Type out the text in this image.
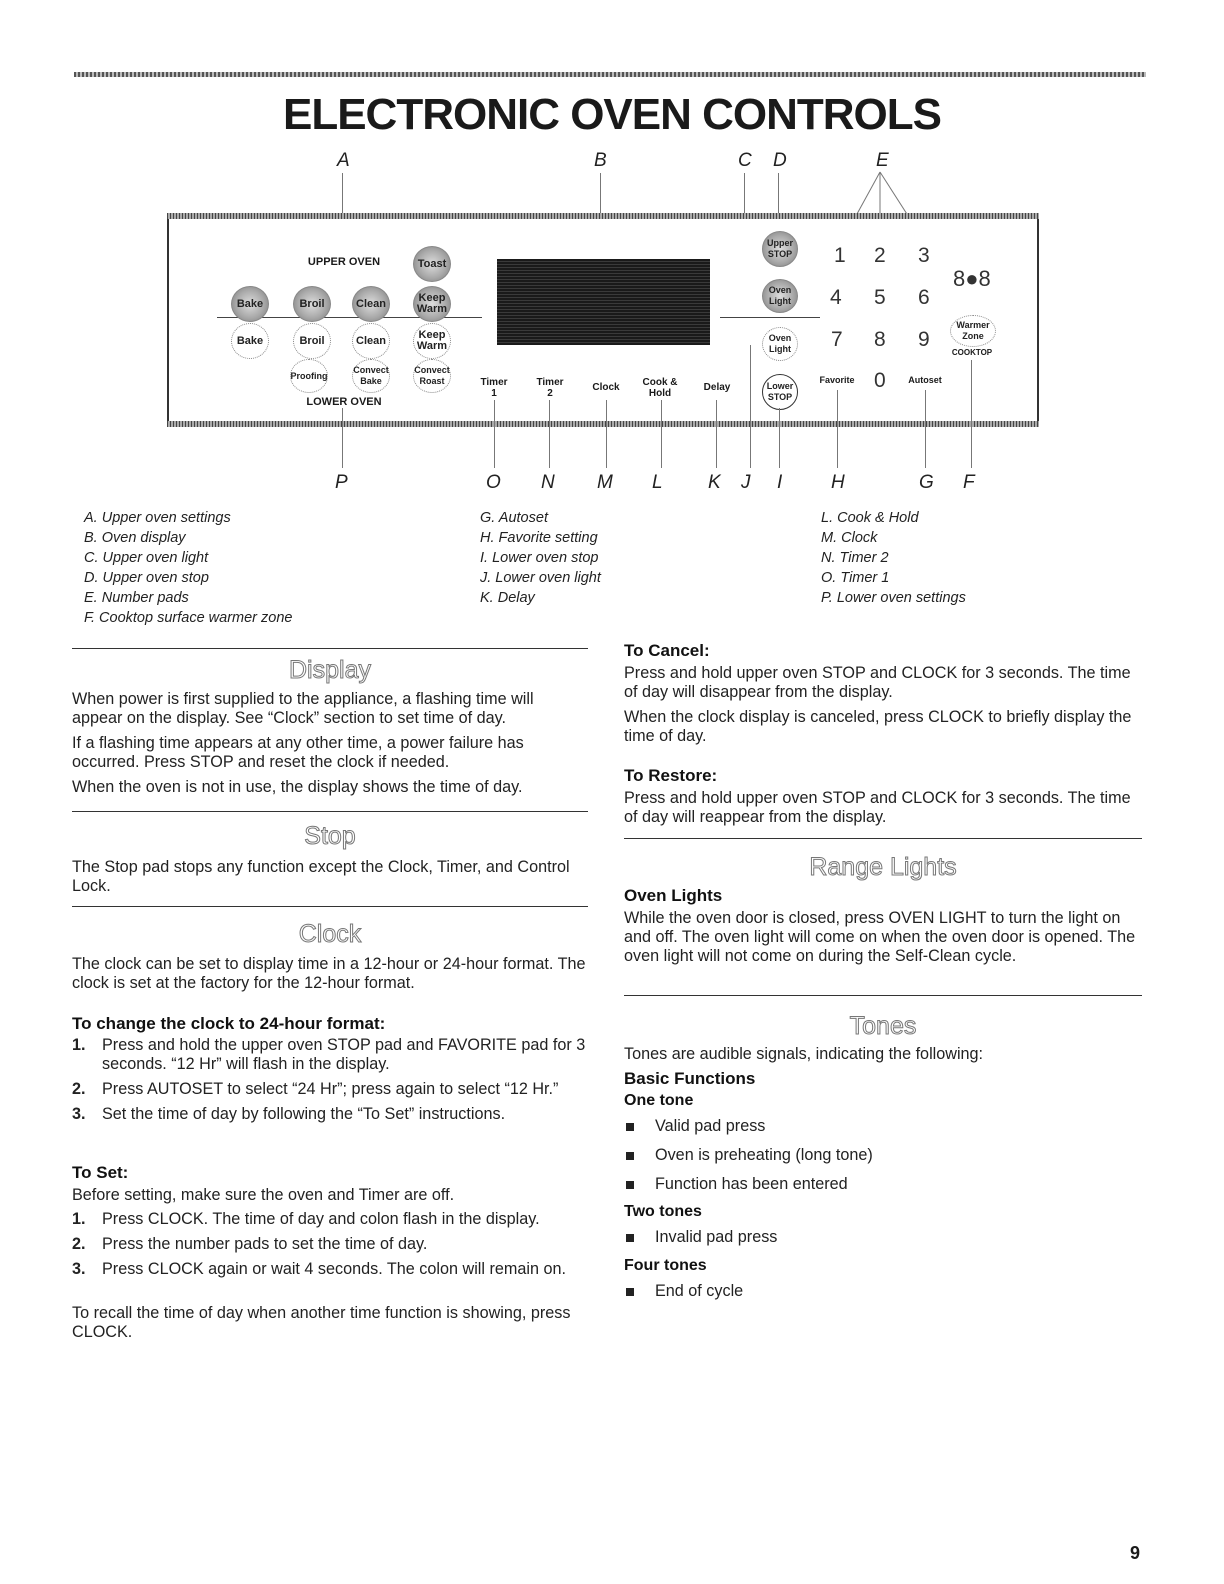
ELECTRONIC OVEN CONTROLS
A	B	C D	E
UPPER OVEN
LOWER OVEN
Toast
Bake	Broil	Clean	Keep Warm
Bake	Broil	Clean	Keep Warm
Proofing
Convect Bake
Convect Roast	Timer 1
Timer 2
Clock	Cook & Hold
Delay
Upper STOP
Oven Light
Oven Light
Lower STOP
1 2 3
4 5 6
7 8 9
0
Favorite	Autoset
8●8
Warmer Zone
COOKTOP
P	O N M L K J I	H	G F
A. Upper oven settings
B. Oven display
C. Upper oven light
D. Upper oven stop
E. Number pads
F. Cooktop surface warmer zone
G. Autoset
H. Favorite setting
I. Lower oven stop
J. Lower oven light
K. Delay
L. Cook & Hold
M. Clock
N. Timer 2
O. Timer 1
P. Lower oven settings
Display

When power is first supplied to the appliance, a flashing time will appear on the display. See “Clock” section to set time of day.

If a flashing time appears at any other time, a power failure has occurred. Press STOP and reset the clock if needed.

When the oven is not in use, the display shows the time of day.

Stop

The Stop pad stops any function except the Clock, Timer, and Control Lock.

Clock

The clock can be set to display time in a 12-hour or 24-hour format. The clock is set at the factory for the 12-hour format.

To change the clock to 24-hour format:
1. Press and hold the upper oven STOP pad and FAVORITE pad for 3 seconds. “12 Hr” will flash in the display.
2. Press AUTOSET to select “24 Hr”; press again to select “12 Hr.”
3. Set the time of day by following the “To Set” instructions.
To Set:
Before setting, make sure the oven and Timer are off.
1. Press CLOCK. The time of day and colon flash in the display.
2. Press the number pads to set the time of day.
3. Press CLOCK again or wait 4 seconds. The colon will remain on.
To recall the time of day when another time function is showing, press CLOCK.
To Cancel:

Press and hold upper oven STOP and CLOCK for 3 seconds. The time of day will disappear from the display.

When the clock display is canceled, press CLOCK to briefly display the time of day.

To Restore:

Press and hold upper oven STOP and CLOCK for 3 seconds. The time of day will reappear from the display.

Range Lights
Oven Lights

While the oven door is closed, press OVEN LIGHT to turn the light on and off. The oven light will come on when the oven door is opened. The oven light will not come on during the Self-Clean cycle.

Tones
Tones are audible signals, indicating the following:
Basic Functions
One tone
Valid pad press
Oven is preheating (long tone)
Function has been entered
Two tones
Invalid pad press
Four tones
End of cycle
9
